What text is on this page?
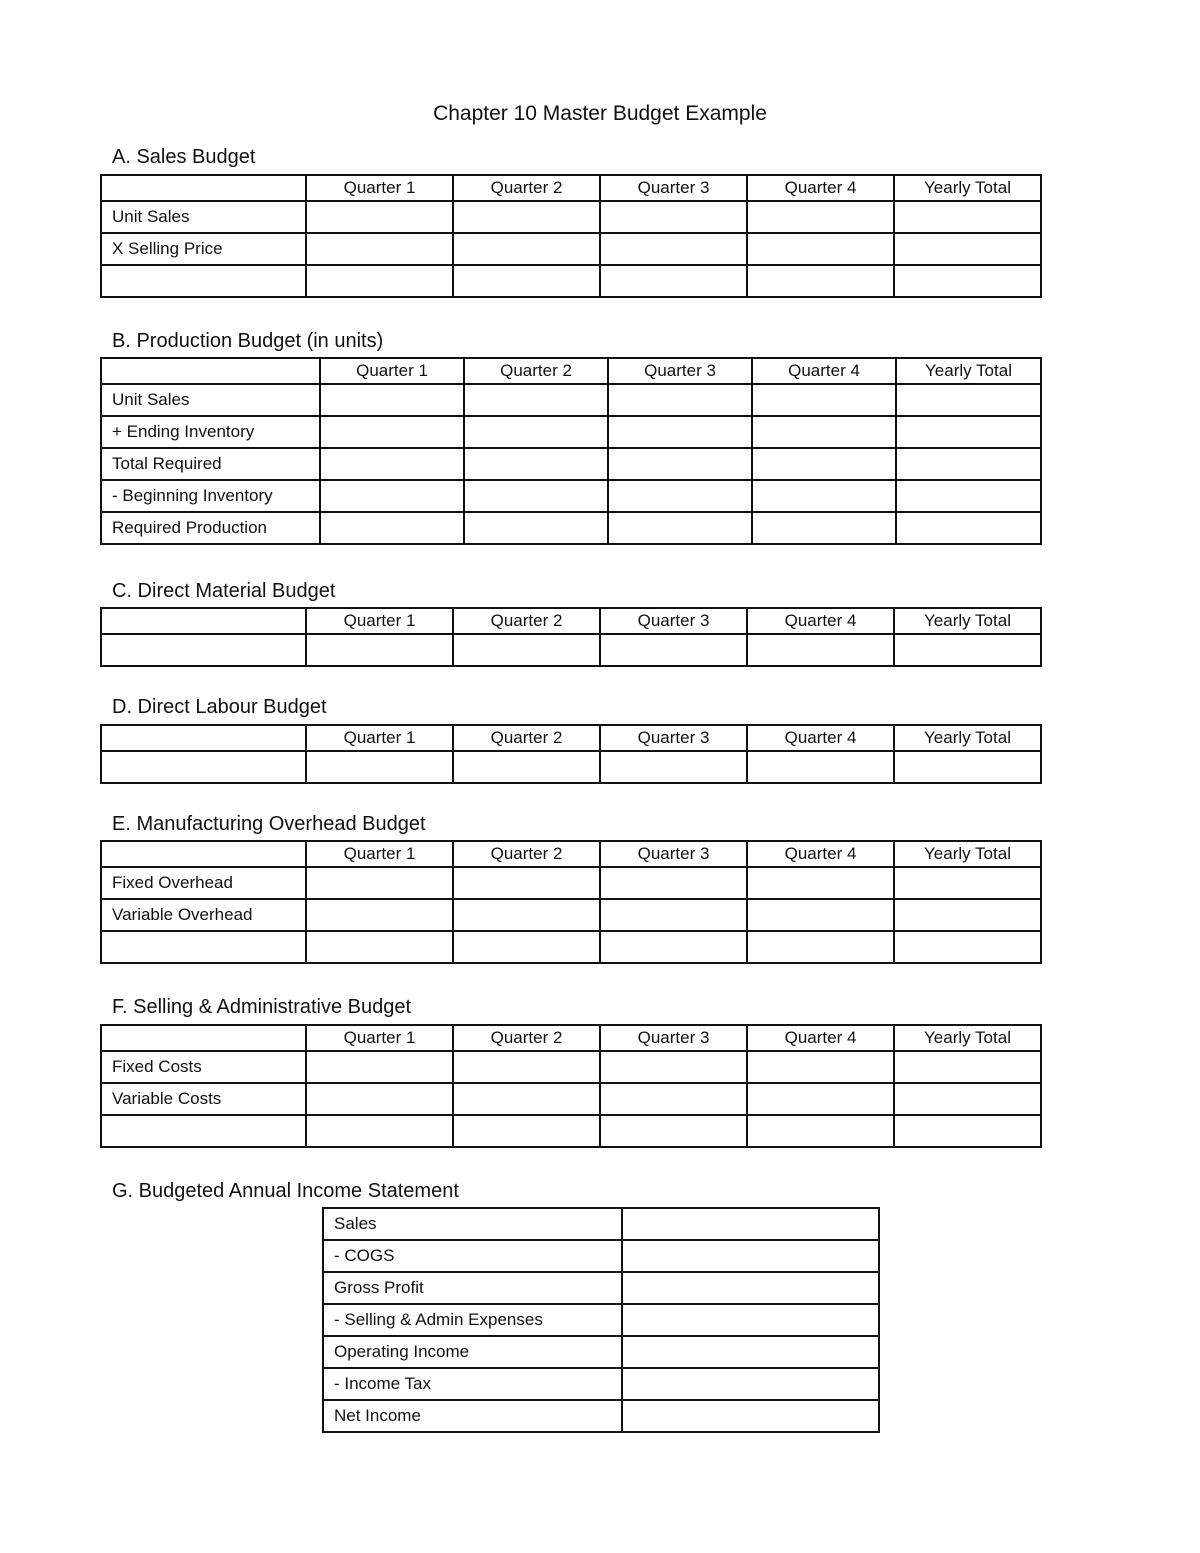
Chapter 10 Master Budget Example
A. Sales Budget
	Quarter 1	Quarter 2	Quarter 3	Quarter 4	Yearly Total
Unit Sales					
X Selling Price					

B. Production Budget (in units)
	Quarter 1	Quarter 2	Quarter 3	Quarter 4	Yearly Total
Unit Sales					
+ Ending Inventory					
Total Required					
- Beginning Inventory					
Required Production					
C. Direct Material Budget
	Quarter 1	Quarter 2	Quarter 3	Quarter 4	Yearly Total

D. Direct Labour Budget
	Quarter 1	Quarter 2	Quarter 3	Quarter 4	Yearly Total

E. Manufacturing Overhead Budget
	Quarter 1	Quarter 2	Quarter 3	Quarter 4	Yearly Total
Fixed Overhead					
Variable Overhead					

F. Selling & Administrative Budget
	Quarter 1	Quarter 2	Quarter 3	Quarter 4	Yearly Total
Fixed Costs					
Variable Costs					

G. Budgeted Annual Income Statement
Sales	
- COGS	
Gross Profit	
- Selling & Admin Expenses	
Operating Income	
- Income Tax	
Net Income	
